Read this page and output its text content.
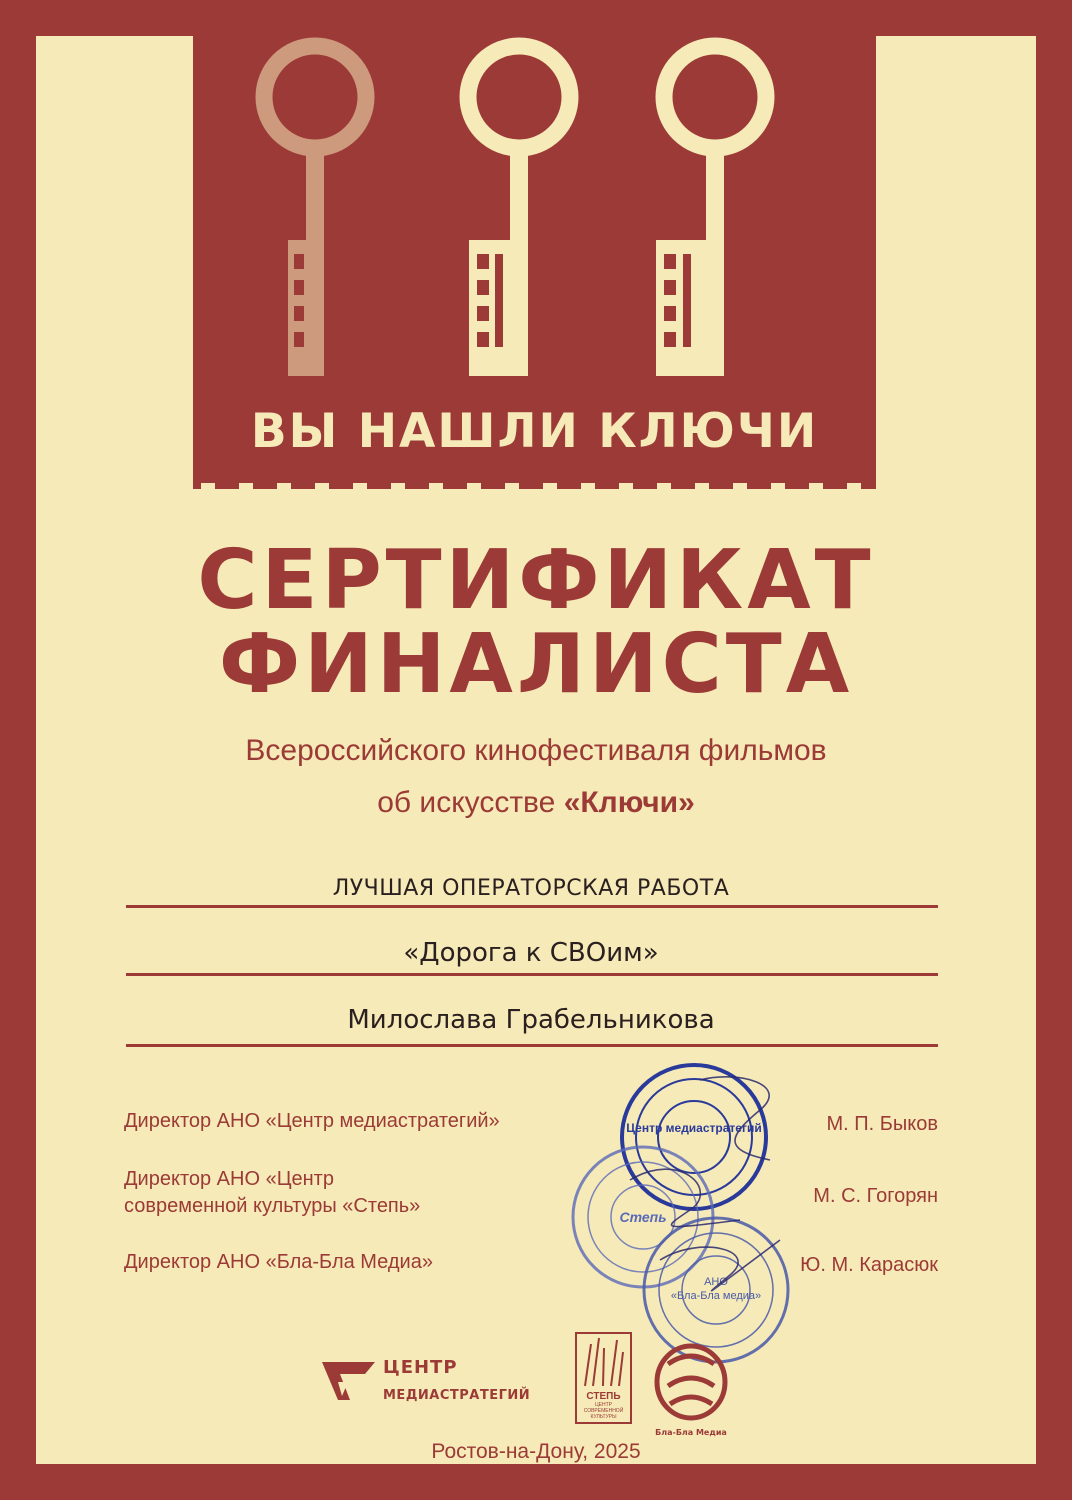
ВЫ НАШЛИ КЛЮЧИ
СЕРТИФИКАТ
ФИНАЛИСТА
Всероссийского кинофестиваля фильмов
об искусстве «Ключи»
ЛУЧШАЯ ОПЕРАТОРСКАЯ РАБОТА
«Дорога к СВОим»
Милослава Грабельникова
Директор АНО «Центр медиастратегий»	М. П. Быков
Директор АНО «Центр
современной культуры «Степь»	М. С. Гогорян
Директор АНО «Бла-Бла Медиа»	Ю. М. Карасюк
Центр медиастратегий
Степь
АНО
«Бла-Бла медиа»
ЦЕНТР
МЕДИАСТРАТЕГИЙ	СТЕПЬ
ЦЕНТР СОВРЕМЕННОЙ КУЛЬТУРЫ
Бла-Бла Медиа
Ростов-на-Дону, 2025
